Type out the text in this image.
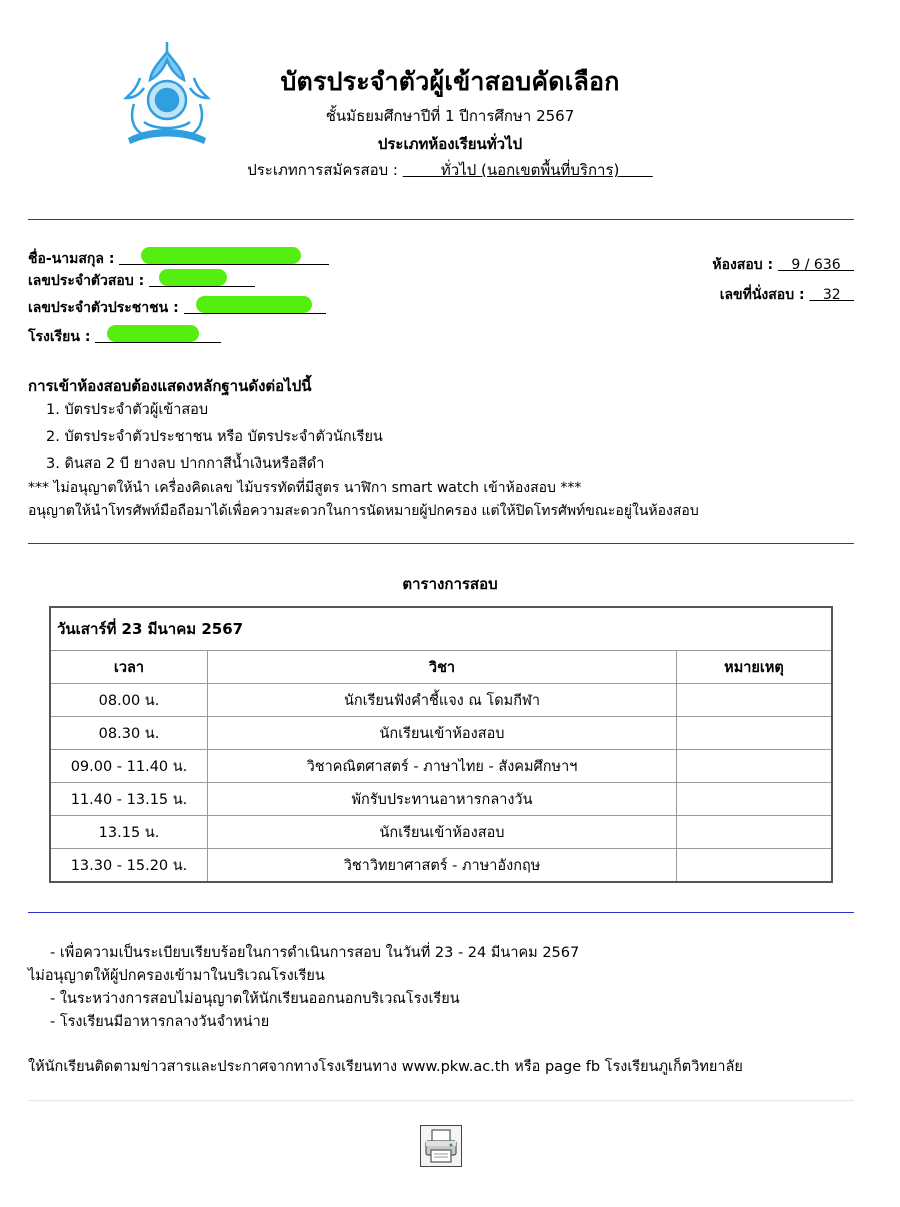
บัตรประจำตัวผู้เข้าสอบคัดเลือก
ชั้นมัธยมศึกษาปีที่ 1 ปีการศึกษา 2567
ประเภทห้องเรียนทั่วไป
ประเภทการสมัครสอบ :	ทั่วไป (นอกเขตพื้นที่บริการ)
ชื่อ-นามสกุล :
เลขประจำตัวสอบ :
เลขประจำตัวประชาชน :
โรงเรียน :
ห้องสอบ : 9 / 636
เลขที่นั่งสอบ : 32
การเข้าห้องสอบต้องแสดงหลักฐานดังต่อไปนี้
1. บัตรประจำตัวผู้เข้าสอบ
2. บัตรประจำตัวประชาชน หรือ บัตรประจำตัวนักเรียน
3. ดินสอ 2 บี ยางลบ ปากกาสีน้ำเงินหรือสีดำ
*** ไม่อนุญาตให้นำ เครื่องคิดเลข ไม้บรรทัดที่มีสูตร นาฬิกา smart watch เข้าห้องสอบ ***
อนุญาตให้นำโทรศัพท์มือถือมาได้เพื่อความสะดวกในการนัดหมายผู้ปกครอง แต่ให้ปิดโทรศัพท์ขณะอยู่ในห้องสอบ
ตารางการสอบ
วันเสาร์ที่ 23 มีนาคม 2567		
เวลา	วิชา	หมายเหตุ
08.00 น.	นักเรียนฟังคำชี้แจง ณ โดมกีฬา	
08.30 น.	นักเรียนเข้าห้องสอบ	
09.00 - 11.40 น.	วิชาคณิตศาสตร์ - ภาษาไทย - สังคมศึกษาฯ	
11.40 - 13.15 น.	พักรับประทานอาหารกลางวัน	
13.15 น.	นักเรียนเข้าห้องสอบ	
13.30 - 15.20 น.	วิชาวิทยาศาสตร์ - ภาษาอังกฤษ	
- เพื่อความเป็นระเบียบเรียบร้อยในการดำเนินการสอบ ในวันที่ 23 - 24 มีนาคม 2567
ไม่อนุญาตให้ผู้ปกครองเข้ามาในบริเวณโรงเรียน
- ในระหว่างการสอบไม่อนุญาตให้นักเรียนออกนอกบริเวณโรงเรียน
- โรงเรียนมีอาหารกลางวันจำหน่าย
ให้นักเรียนติดตามข่าวสารและประกาศจากทางโรงเรียนทาง www.pkw.ac.th หรือ page fb โรงเรียนภูเก็ตวิทยาลัย
